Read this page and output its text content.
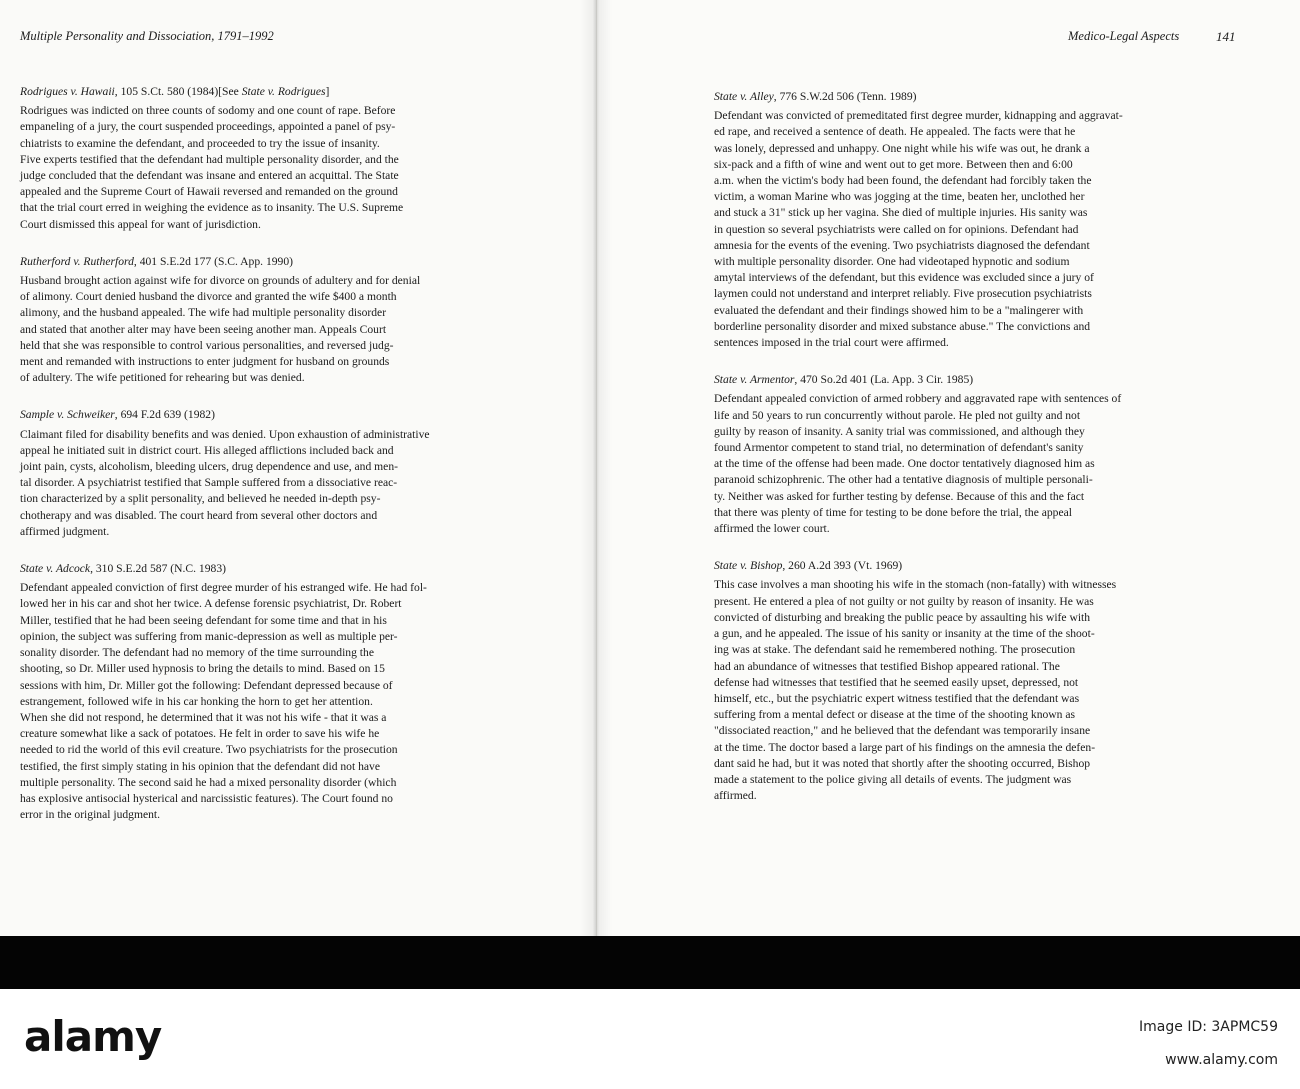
Multiple Personality and Dissociation, 1791–1992	Medico-Legal Aspects	141

Rodrigues v. Hawaii, 105 S.Ct. 580 (1984)[See State v. Rodrigues]

Rodrigues was indicted on three counts of sodomy and one count of rape. Before
empaneling of a jury, the court suspended proceedings, appointed a panel of psy-
chiatrists to examine the defendant, and proceeded to try the issue of insanity.
Five experts testified that the defendant had multiple personality disorder, and the
judge concluded that the defendant was insane and entered an acquittal. The State
appealed and the Supreme Court of Hawaii reversed and remanded on the ground
that the trial court erred in weighing the evidence as to insanity. The U.S. Supreme
Court dismissed this appeal for want of jurisdiction.

Rutherford v. Rutherford, 401 S.E.2d 177 (S.C. App. 1990)

Husband brought action against wife for divorce on grounds of adultery and for denial
of alimony. Court denied husband the divorce and granted the wife $400 a month
alimony, and the husband appealed. The wife had multiple personality disorder
and stated that another alter may have been seeing another man. Appeals Court
held that she was responsible to control various personalities, and reversed judg-
ment and remanded with instructions to enter judgment for husband on grounds
of adultery. The wife petitioned for rehearing but was denied.

Sample v. Schweiker, 694 F.2d 639 (1982)

Claimant filed for disability benefits and was denied. Upon exhaustion of administrative
appeal he initiated suit in district court. His alleged afflictions included back and
joint pain, cysts, alcoholism, bleeding ulcers, drug dependence and use, and men-
tal disorder. A psychiatrist testified that Sample suffered from a dissociative reac-
tion characterized by a split personality, and believed he needed in-depth psy-
chotherapy and was disabled. The court heard from several other doctors and
affirmed judgment.

State v. Adcock, 310 S.E.2d 587 (N.C. 1983)

Defendant appealed conviction of first degree murder of his estranged wife. He had fol-
lowed her in his car and shot her twice. A defense forensic psychiatrist, Dr. Robert
Miller, testified that he had been seeing defendant for some time and that in his
opinion, the subject was suffering from manic-depression as well as multiple per-
sonality disorder. The defendant had no memory of the time surrounding the
shooting, so Dr. Miller used hypnosis to bring the details to mind. Based on 15
sessions with him, Dr. Miller got the following: Defendant depressed because of
estrangement, followed wife in his car honking the horn to get her attention.
When she did not respond, he determined that it was not his wife - that it was a
creature somewhat like a sack of potatoes. He felt in order to save his wife he
needed to rid the world of this evil creature. Two psychiatrists for the prosecution
testified, the first simply stating in his opinion that the defendant did not have
multiple personality. The second said he had a mixed personality disorder (which
has explosive antisocial hysterical and narcissistic features). The Court found no
error in the original judgment.

State v. Alley, 776 S.W.2d 506 (Tenn. 1989)

Defendant was convicted of premeditated first degree murder, kidnapping and aggravat-
ed rape, and received a sentence of death. He appealed. The facts were that he
was lonely, depressed and unhappy. One night while his wife was out, he drank a
six-pack and a fifth of wine and went out to get more. Between then and 6:00
a.m. when the victim's body had been found, the defendant had forcibly taken the
victim, a woman Marine who was jogging at the time, beaten her, unclothed her
and stuck a 31" stick up her vagina. She died of multiple injuries. His sanity was
in question so several psychiatrists were called on for opinions. Defendant had
amnesia for the events of the evening. Two psychiatrists diagnosed the defendant
with multiple personality disorder. One had videotaped hypnotic and sodium
amytal interviews of the defendant, but this evidence was excluded since a jury of
laymen could not understand and interpret reliably. Five prosecution psychiatrists
evaluated the defendant and their findings showed him to be a "malingerer with
borderline personality disorder and mixed substance abuse." The convictions and
sentences imposed in the trial court were affirmed.

State v. Armentor, 470 So.2d 401 (La. App. 3 Cir. 1985)

Defendant appealed conviction of armed robbery and aggravated rape with sentences of
life and 50 years to run concurrently without parole. He pled not guilty and not
guilty by reason of insanity. A sanity trial was commissioned, and although they
found Armentor competent to stand trial, no determination of defendant's sanity
at the time of the offense had been made. One doctor tentatively diagnosed him as
paranoid schizophrenic. The other had a tentative diagnosis of multiple personali-
ty. Neither was asked for further testing by defense. Because of this and the fact
that there was plenty of time for testing to be done before the trial, the appeal
affirmed the lower court.

State v. Bishop, 260 A.2d 393 (Vt. 1969)

This case involves a man shooting his wife in the stomach (non-fatally) with witnesses
present. He entered a plea of not guilty or not guilty by reason of insanity. He was
convicted of disturbing and breaking the public peace by assaulting his wife with
a gun, and he appealed. The issue of his sanity or insanity at the time of the shoot-
ing was at stake. The defendant said he remembered nothing. The prosecution
had an abundance of witnesses that testified Bishop appeared rational. The
defense had witnesses that testified that he seemed easily upset, depressed, not
himself, etc., but the psychiatric expert witness testified that the defendant was
suffering from a mental defect or disease at the time of the shooting known as
"dissociated reaction," and he believed that the defendant was temporarily insane
at the time. The doctor based a large part of his findings on the amnesia the defen-
dant said he had, but it was noted that shortly after the shooting occurred, Bishop
made a statement to the police giving all details of events. The judgment was
affirmed.

alamy	Image ID: 3APMC59
www.alamy.com
